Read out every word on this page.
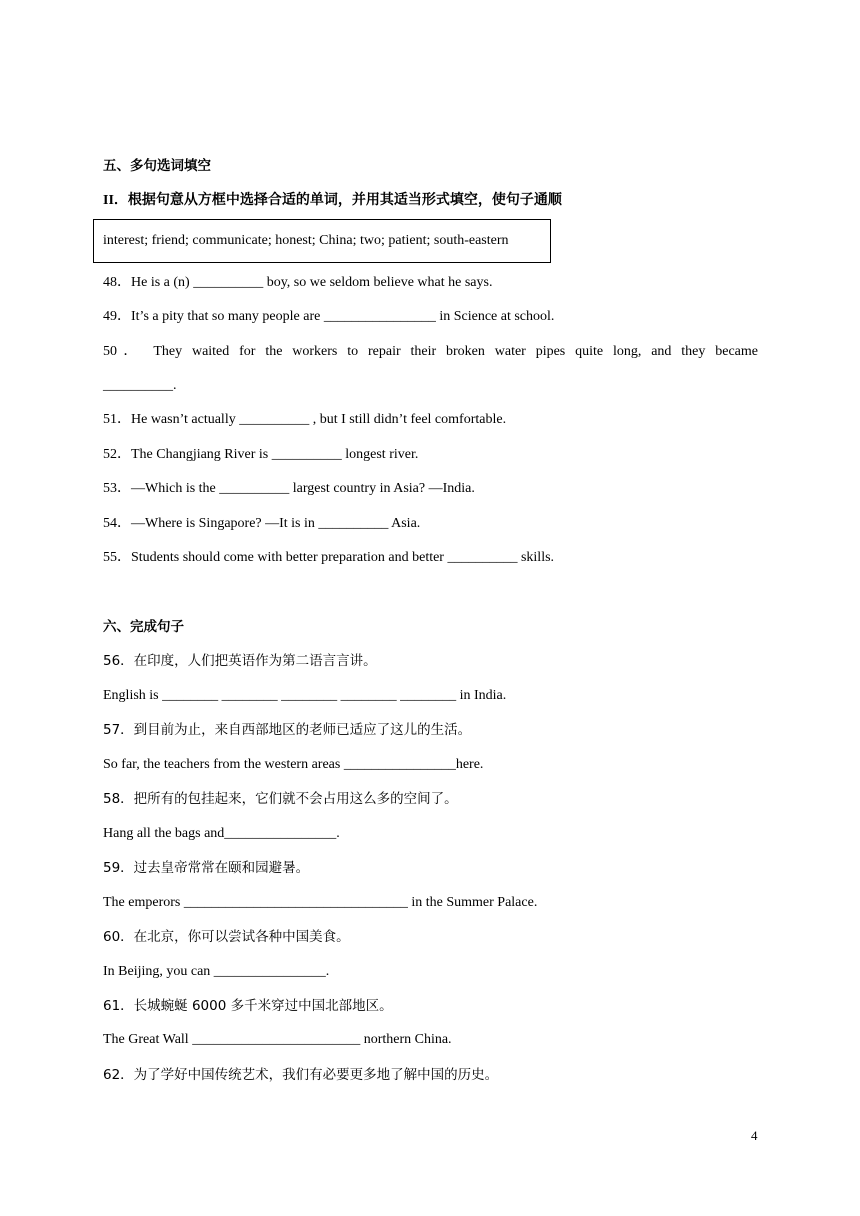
五、多句选词填空
II．根据句意从方框中选择合适的单词，并用其适当形式填空，使句子通顺
interest; friend; communicate; honest; China; two; patient; south-eastern
48．He is a (n) __________ boy, so we seldom believe what he says.
49．It’s a pity that so many people are ________________ in Science at school.
50． They waited for the workers to repair their broken water pipes quite long, and they became
__________.
51．He wasn’t actually __________ , but I still didn’t feel comfortable.
52．The Changjiang River is __________ longest river.
53．—Which is the __________ largest country in Asia? —India.
54．—Where is Singapore? —It is in __________ Asia.
55．Students should come with better preparation and better __________ skills.
六、完成句子
56．在印度，人们把英语作为第二语言言讲。
English is ________ ________ ________ ________ ________ in India.
57．到目前为止，来自西部地区的老师已适应了这儿的生活。
So far, the teachers from the western areas ________________here.
58．把所有的包挂起来，它们就不会占用这么多的空间了。
Hang all the bags and________________.
59．过去皇帝常常在颐和园避暑。
The emperors ________________________________ in the Summer Palace.
60．在北京，你可以尝试各种中国美食。
In Beijing, you can ________________.
61．长城蜿蜒 6000 多千米穿过中国北部地区。
The Great Wall ________________________ northern China.
62．为了学好中国传统艺术，我们有必要更多地了解中国的历史。
4
